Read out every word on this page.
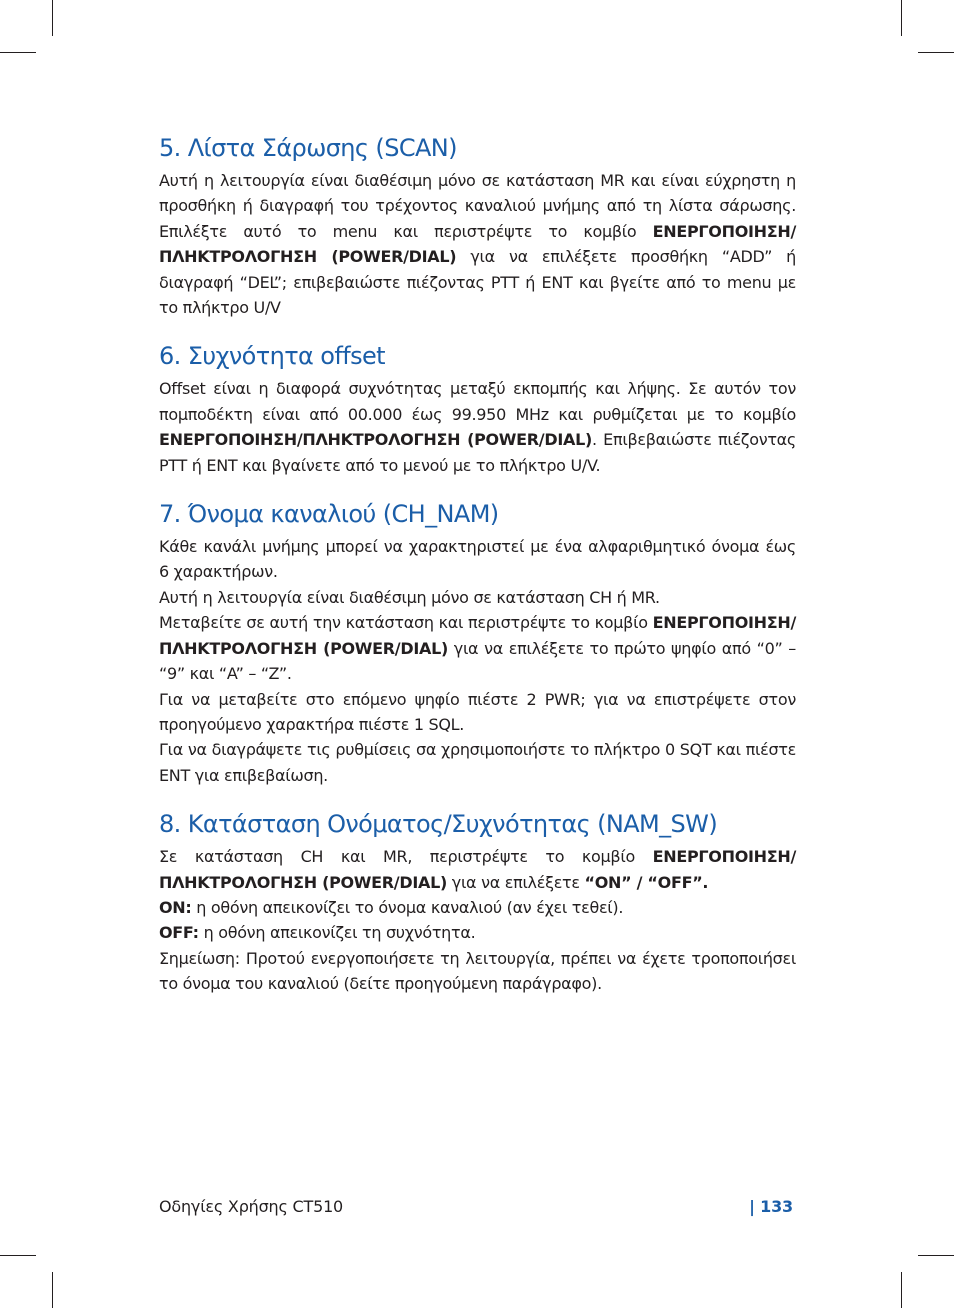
5. Λίστα Σάρωσης (SCAN)

Αυτή η λειτουργία είναι διαθέσιμη μόνο σε κατάσταση MR και είναι εύχρηστη η προσθήκη ή διαγραφή του τρέχοντος καναλιού μνήμης από τη λίστα σάρωσης. Επιλέξτε αυτό το menu και περιστρέψτε το κομβίο ΕΝΕΡΓΟΠΟΙΗΣΗ/ΠΛΗΚΤΡΟΛΟΓΗΣΗ (POWER/DIAL) για να επιλέξετε προσθήκη “ADD” ή διαγραφή “DEL”; επιβεβαιώστε πιέζοντας PTT ή ENT και βγείτε από το menu με το πλήκτρο U/V

6. Συχνότητα offset

Offset είναι η διαφορά συχνότητας μεταξύ εκπομπής και λήψης. Σε αυτόν τον πομποδέκτη είναι από 00.000 έως 99.950 MHz και ρυθμίζεται με το κομβίο ΕΝΕΡΓΟΠΟΙΗΣΗ/ΠΛΗΚΤΡΟΛΟΓΗΣΗ (POWER/DIAL). Επιβεβαιώστε πιέζοντας PTT ή ENT και βγαίνετε από το μενού με το πλήκτρο U/V.

7. Όνομα καναλιού (CH_NAM)

Κάθε κανάλι μνήμης μπορεί να χαρακτηριστεί με ένα αλφαριθμητικό όνομα έως 6 χαρακτήρων.

Αυτή η λειτουργία είναι διαθέσιμη μόνο σε κατάσταση CH ή MR.

Μεταβείτε σε αυτή την κατάσταση και περιστρέψτε το κομβίο ΕΝΕΡΓΟΠΟΙΗΣΗ/ΠΛΗΚΤΡΟΛΟΓΗΣΗ (POWER/DIAL) για να επιλέξετε το πρώτο ψηφίο από “0” – “9” και “A” – “Z”.

Για να μεταβείτε στο επόμενο ψηφίο πιέστε 2 PWR; για να επιστρέψετε στον προηγούμενο χαρακτήρα πιέστε 1 SQL.

Για να διαγράψετε τις ρυθμίσεις σα χρησιμοποιήστε το πλήκτρο 0 SQT και πιέστε ENT για επιβεβαίωση.

8. Κατάσταση Ονόματος/Συχνότητας (NAM_SW)

Σε κατάσταση CH και MR, περιστρέψτε το κομβίο ΕΝΕΡΓΟΠΟΙΗΣΗ/ΠΛΗΚΤΡΟΛΟΓΗΣΗ (POWER/DIAL) για να επιλέξετε “ON” / “OFF”.

ON: η οθόνη απεικονίζει το όνομα καναλιού (αν έχει τεθεί).

OFF: η οθόνη απεικονίζει τη συχνότητα.

Σημείωση: Προτού ενεργοποιήσετε τη λειτουργία, πρέπει να έχετε τροποποιήσει το όνομα του καναλιού (δείτε προηγούμενη παράγραφο).

Οδηγίες Χρήσης CT510	| 133
